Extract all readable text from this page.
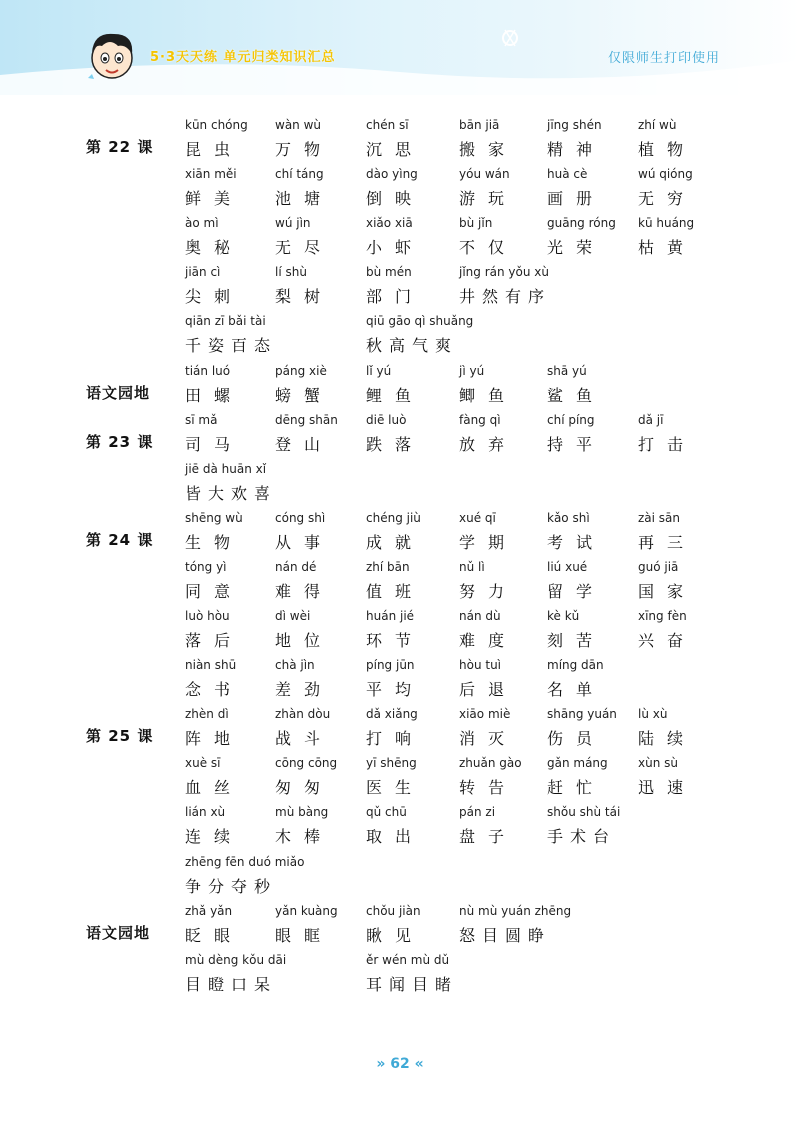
5·3天天练 单元归类知识汇总	仅限师生打印使用
第 22 课
kūn chóng
昆虫
wàn wù
万物
chén sī
沉思
bān jiā
搬家
jīng shén
精神
zhí wù
植物
xiān měi
鲜美
chí táng
池塘
dào yìng
倒映
yóu wán
游玩
huà cè
画册
wú qióng
无穷
ào mì
奥秘
wú jìn
无尽
xiǎo xiā
小虾
bù jǐn
不仅
guāng róng
光荣
kū huáng
枯黄
jiān cì
尖刺
lí shù
梨树
bù mén
部门
jǐng rán yǒu xù
井然有序
qiān zī bǎi tài
千姿百态
qiū gāo qì shuǎng
秋高气爽
语文园地
tián luó
田螺
páng xiè
螃蟹
lǐ yú
鲤鱼
jì yú
鲫鱼
shā yú
鲨鱼
第 23 课
sī mǎ
司马
dēng shān
登山
diē luò
跌落
fàng qì
放弃
chí píng
持平
dǎ jī
打击
jiē dà huān xǐ
皆大欢喜
第 24 课
shēng wù
生物
cóng shì
从事
chéng jiù
成就
xué qī
学期
kǎo shì
考试
zài sān
再三
tóng yì
同意
nán dé
难得
zhí bān
值班
nǔ lì
努力
liú xué
留学
guó jiā
国家
luò hòu
落后
dì wèi
地位
huán jié
环节
nán dù
难度
kè kǔ
刻苦
xīng fèn
兴奋
niàn shū
念书
chà jìn
差劲
píng jūn
平均
hòu tuì
后退
míng dān
名单
第 25 课
zhèn dì
阵地
zhàn dòu
战斗
dǎ xiǎng
打响
xiāo miè
消灭
shāng yuán
伤员
lù xù
陆续
xuè sī
血丝
cōng cōng
匆匆
yī shēng
医生
zhuǎn gào
转告
gǎn máng
赶忙
xùn sù
迅速
lián xù
连续
mù bàng
木棒
qǔ chū
取出
pán zi
盘子
shǒu shù tái
手术台
zhēng fēn duó miǎo
争分夺秒
语文园地
zhǎ yǎn
眨眼
yǎn kuàng
眼眶
chǒu jiàn
瞅见
nù mù yuán zhēng
怒目圆睁
mù dèng kǒu dāi
目瞪口呆
ěr wén mù dǔ
耳闻目睹
» 62 «
